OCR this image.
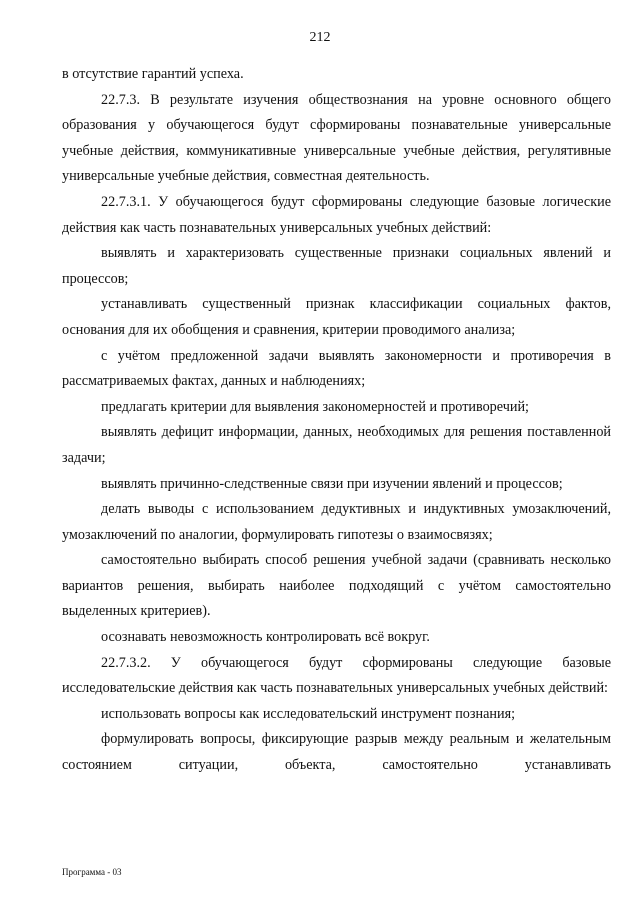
212

в отсутствие гарантий успеха.

22.7.3. В результате изучения обществознания на уровне основного общего образования у обучающегося будут сформированы познавательные универсальные учебные действия, коммуникативные универсальные учебные действия, регулятивные универсальные учебные действия, совместная деятельность.

22.7.3.1. У обучающегося будут сформированы следующие базовые логические действия как часть познавательных универсальных учебных действий:

выявлять и характеризовать существенные признаки социальных явлений и процессов;

устанавливать существенный признак классификации социальных фактов, основания для их обобщения и сравнения, критерии проводимого анализа;

с учётом предложенной задачи выявлять закономерности и противоречия в рассматриваемых фактах, данных и наблюдениях;

предлагать критерии для выявления закономерностей и противоречий;

выявлять дефицит информации, данных, необходимых для решения поставленной задачи;

выявлять причинно-следственные связи при изучении явлений и процессов;

делать выводы с использованием дедуктивных и индуктивных умозаключений, умозаключений по аналогии, формулировать гипотезы о взаимосвязях;

самостоятельно выбирать способ решения учебной задачи (сравнивать несколько вариантов решения, выбирать наиболее подходящий с учётом самостоятельно выделенных критериев).

осознавать невозможность контролировать всё вокруг.

22.7.3.2. У обучающегося будут сформированы следующие базовые исследовательские действия как часть познавательных универсальных учебных действий:

использовать вопросы как исследовательский инструмент познания;

формулировать вопросы, фиксирующие разрыв между реальным и желательным состоянием ситуации, объекта, самостоятельно устанавливать

Программа - 03
